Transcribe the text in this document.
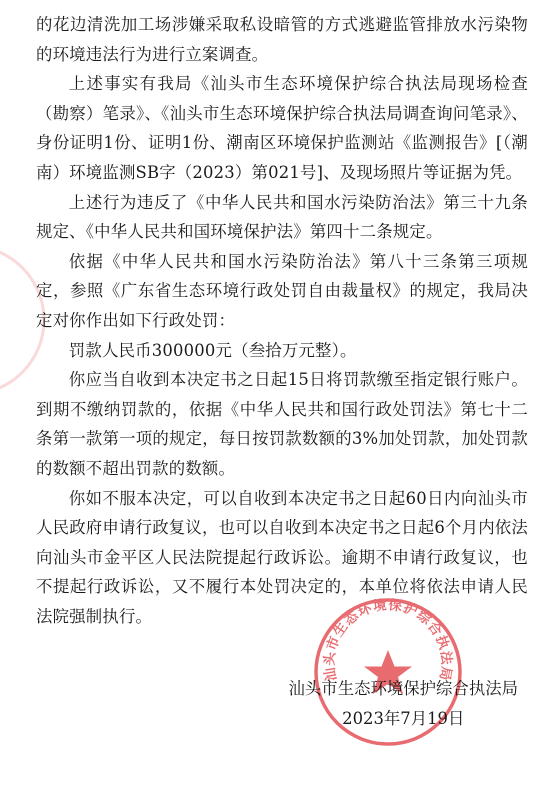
的花边清洗加工场涉嫌采取私设暗管的方式逃避监管排放水污染物的环境违法行为进行立案调查。

上述事实有我局《汕头市生态环境保护综合执法局现场检查（勘察）笔录》、《汕头市生态环境保护综合执法局调查询问笔录》、身份证明1份、证明1份、潮南区环境保护监测站《监测报告》[（潮南）环境监测SB字（2023）第021号]、及现场照片等证据为凭。

上述行为违反了《中华人民共和国水污染防治法》第三十九条规定、《中华人民共和国环境保护法》第四十二条规定。

依据《中华人民共和国水污染防治法》第八十三条第三项规定，参照《广东省生态环境行政处罚自由裁量权》的规定，我局决定对你作出如下行政处罚：

罚款人民币300000元（叁拾万元整）。

你应当自收到本决定书之日起15日将罚款缴至指定银行账户。到期不缴纳罚款的，依据《中华人民共和国行政处罚法》第七十二条第一款第一项的规定，每日按罚款数额的3%加处罚款，加处罚款的数额不超出罚款的数额。

你如不服本决定，可以自收到本决定书之日起60日内向汕头市人民政府申请行政复议，也可以自收到本决定书之日起6个月内依法向汕头市金平区人民法院提起行政诉讼。逾期不申请行政复议，也不提起行政诉讼，又不履行本处罚决定的，本单位将依法申请人民法院强制执行。

汕头市生态环境保护综合执法局
汕头市生态环境保护综合执法局
2023年7月19日
